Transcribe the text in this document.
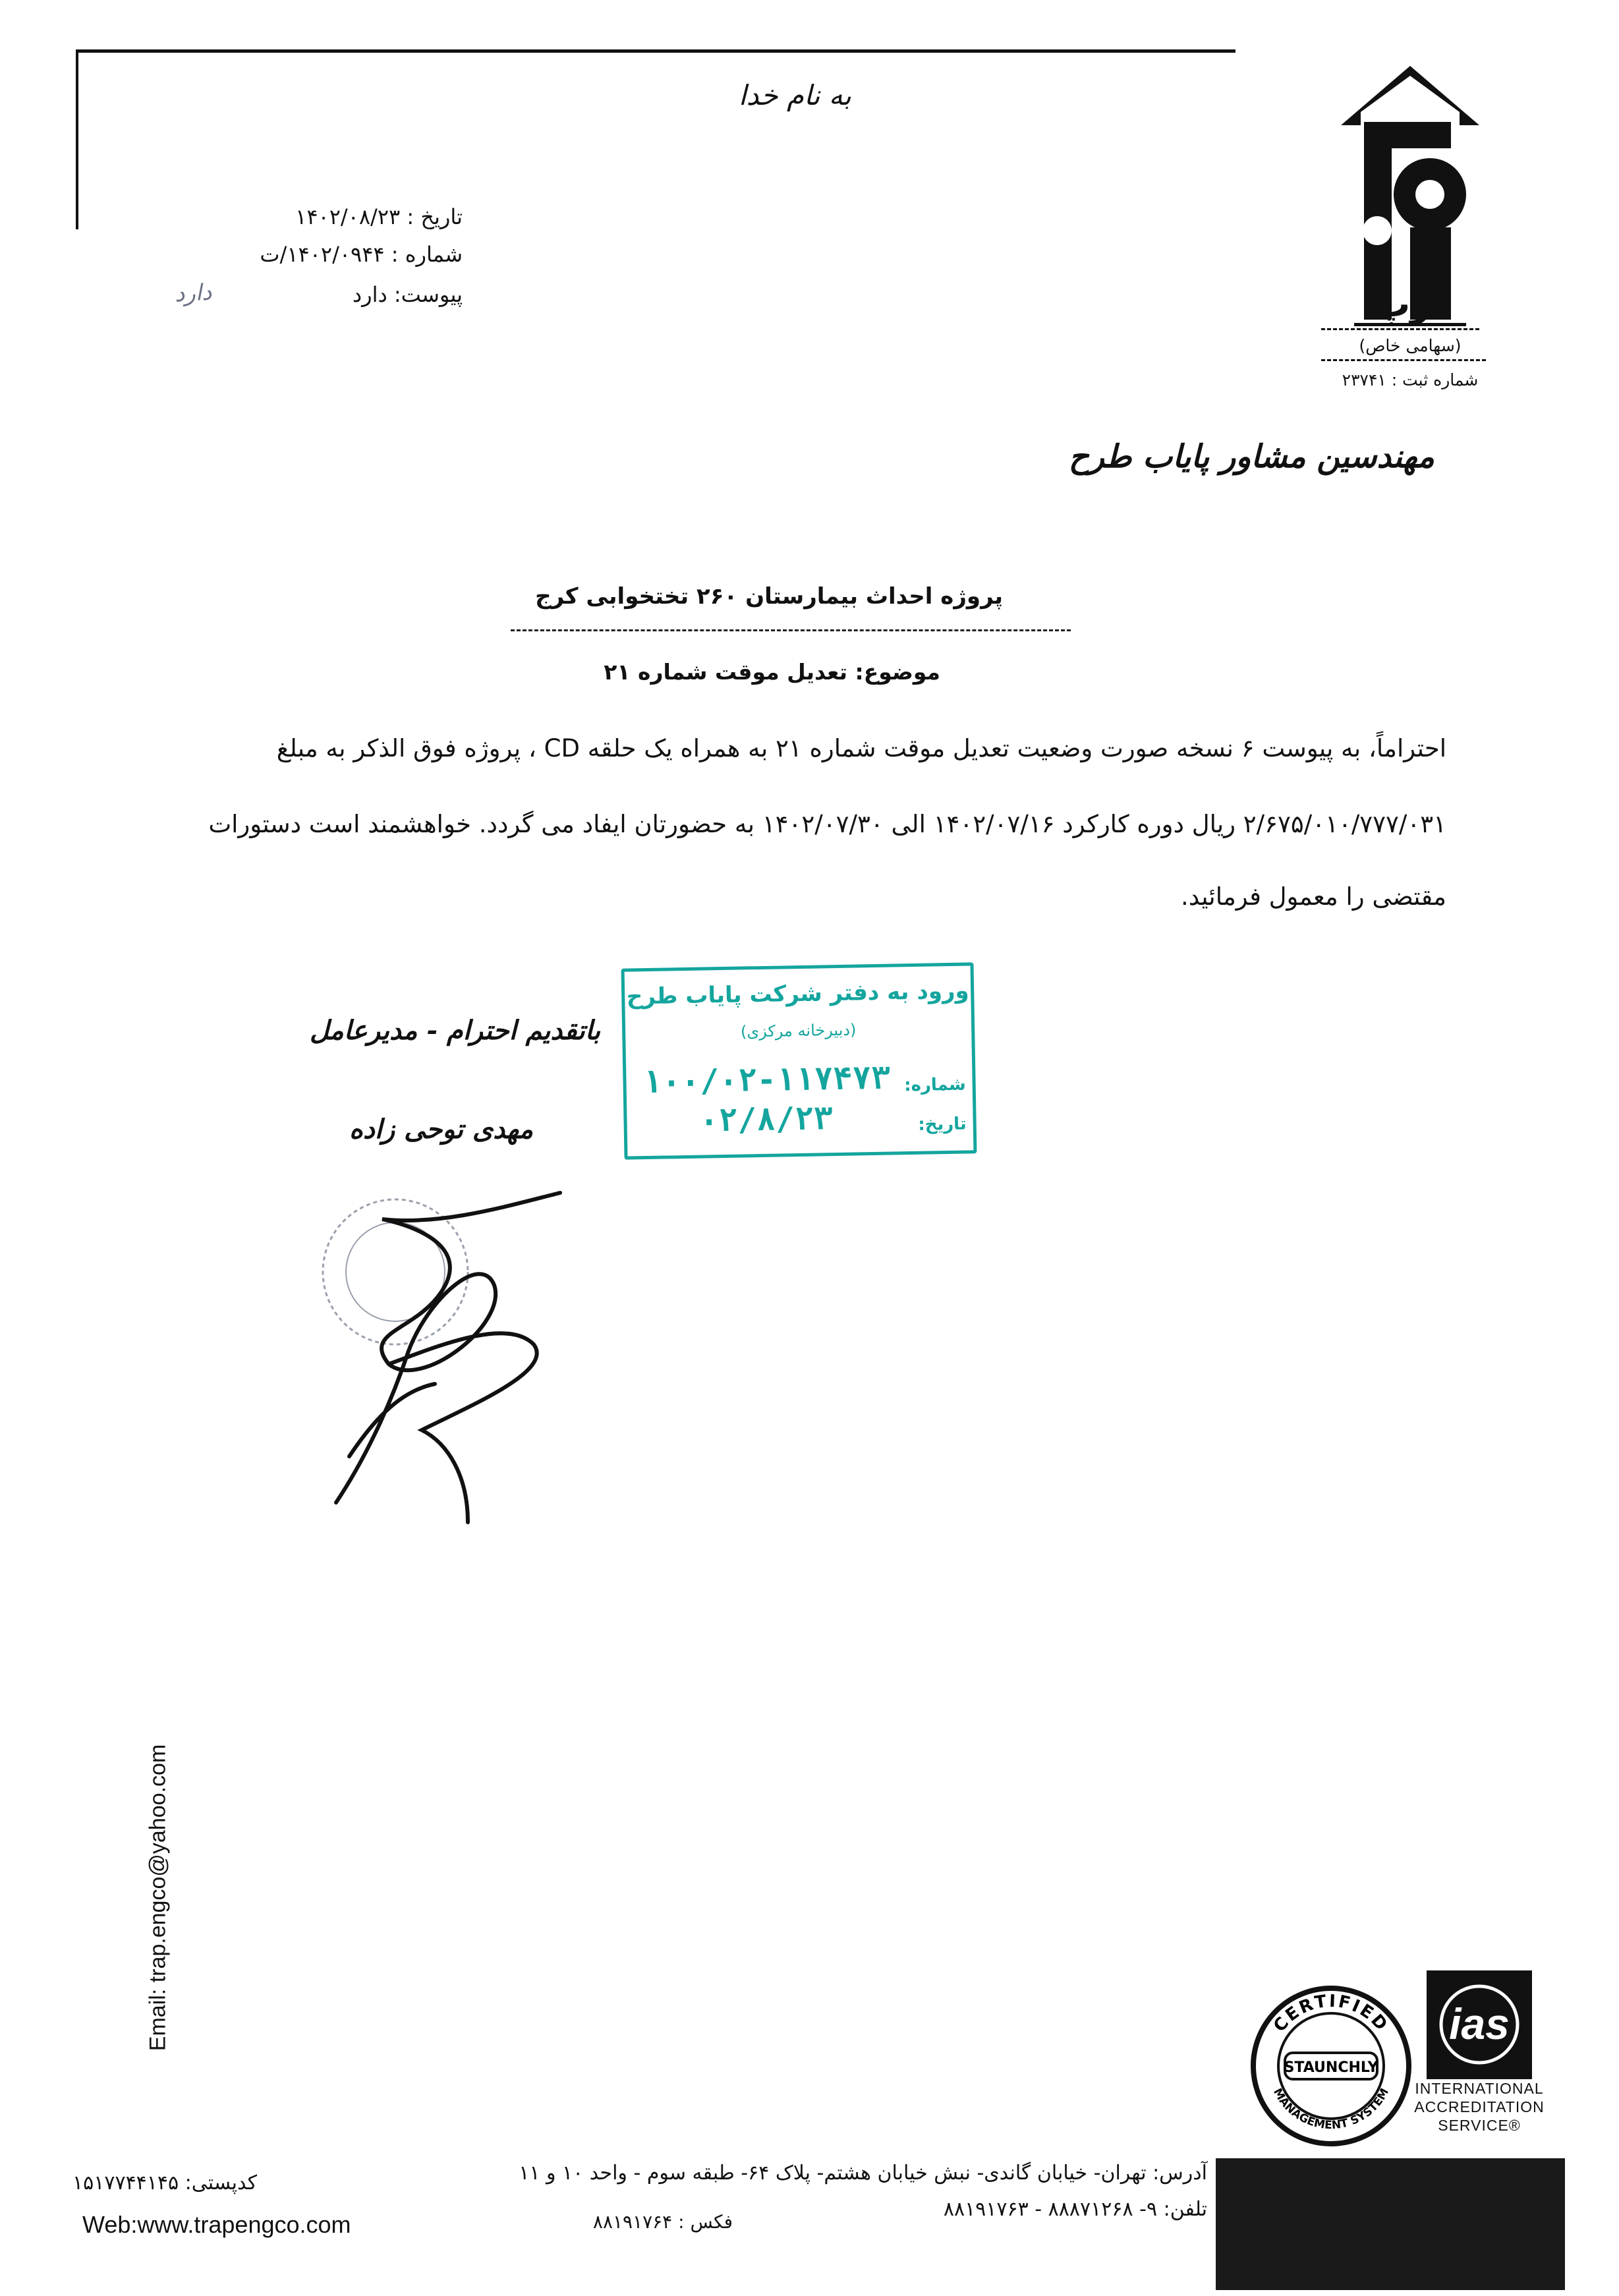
به نام خدا
تاریخ : ۱۴۰۲/۰۸/۲۳
شماره : ۱۴۰۲/۰۹۴۴/ت
پیوست: دارد
دارد	ترَپ
(سهامی خاص)
شماره ثبت : ۲۳۷۴۱
مهندسین مشاور پایاب طرح
پروژه احداث بیمارستان ۲۶۰ تختخوابی کرج
موضوع: تعدیل موقت شماره ۲۱
احتراماً، به پیوست ۶ نسخه صورت وضعیت تعدیل موقت شماره ۲۱ به همراه یک حلقه CD ، پروژه فوق الذکر به مبلغ
۲/۶۷۵/۰۱۰/۷۷۷/۰۳۱ ریال دوره کارکرد ۱۴۰۲/۰۷/۱۶ الی ۱۴۰۲/۰۷/۳۰ به حضورتان ایفاد می گردد. خواهشمند است دستورات
مقتضی را معمول فرمائید.
باتقدیم احترام - مدیرعامل
مهدی توحی زاده
ورود به دفتر شرکت پایاب طرح
(دبیرخانه مرکزی)
شماره:
۱۰۰/۰۲-۱۱۷۴۷۳
تاریخ:
۰۲/۸/۲۳
Email: trap.engco@yahoo.com	CERTIFIED
MANAGEMENT SYSTEM
STAUNCHLY
ias
INTERNATIONAL
ACCREDITATION
SERVICE®
آدرس: تهران- خیابان گاندی- نبش خیابان هشتم- پلاک ۶۴- طبقه سوم - واحد ۱۰ و ۱۱
تلفن: ۹- ۸۸۸۷۱۲۶۸ - ۸۸۱۹۱۷۶۳
فکس : ۸۸۱۹۱۷۶۴
کدپستی: ۱۵۱۷۷۴۴۱۴۵
Web:www.trapengco.com
